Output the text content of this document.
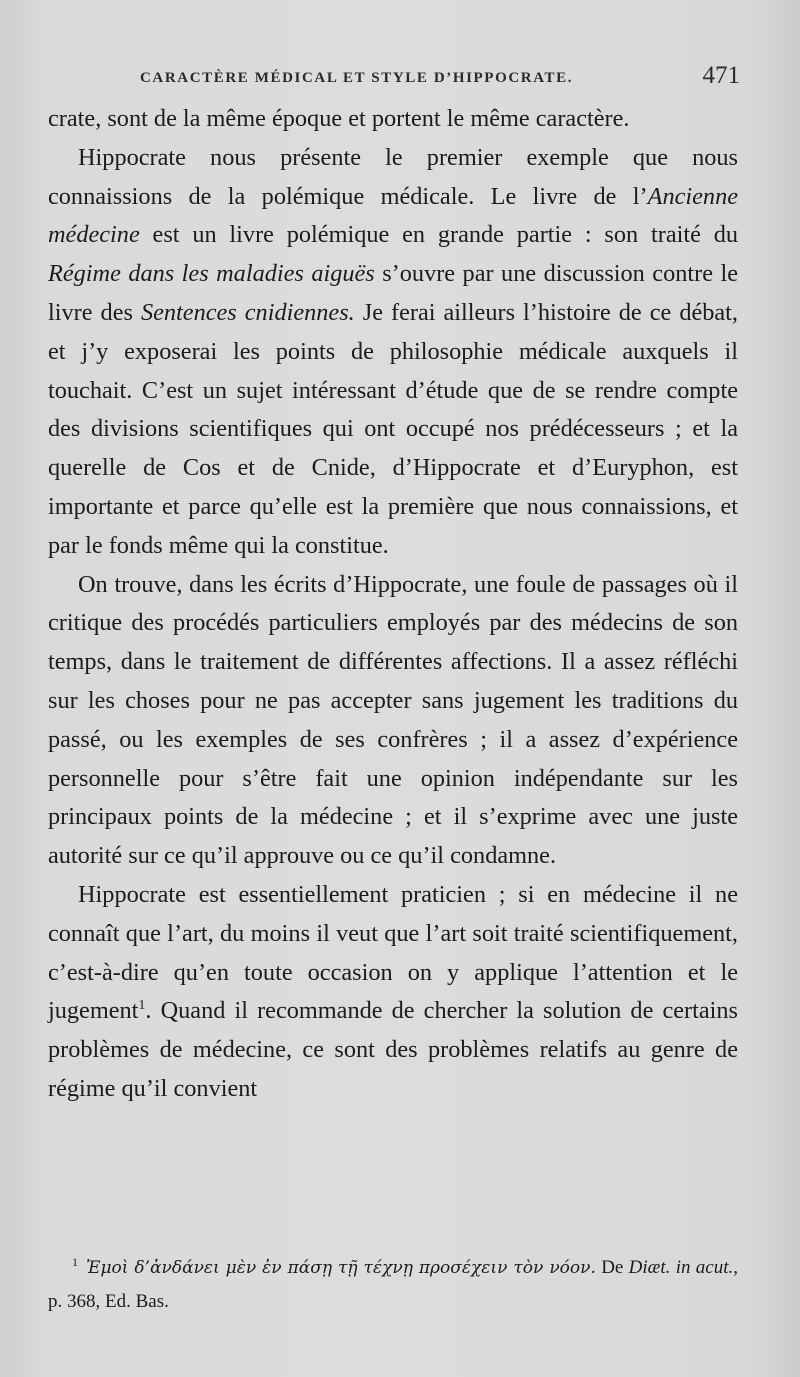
CARACTÈRE MÉDICAL ET STYLE D’HIPPOCRATE.	471

crate, sont de la même époque et portent le même caractère.

Hippocrate nous présente le premier exemple que nous connaissions de la polémique médicale. Le livre de l’Ancienne médecine est un livre polémique en grande partie : son traité du Régime dans les maladies aiguës s’ouvre par une discussion contre le livre des Sentences cnidiennes. Je ferai ailleurs l’histoire de ce débat, et j’y exposerai les points de philosophie médicale auxquels il touchait. C’est un sujet intéressant d’étude que de se rendre compte des divisions scientifiques qui ont occupé nos prédécesseurs ; et la querelle de Cos et de Cnide, d’Hippocrate et d’Euryphon, est importante et parce qu’elle est la première que nous connaissions, et par le fonds même qui la constitue.

On trouve, dans les écrits d’Hippocrate, une foule de passages où il critique des procédés particuliers employés par des médecins de son temps, dans le traitement de différentes affections. Il a assez réfléchi sur les choses pour ne pas accepter sans jugement les traditions du passé, ou les exemples de ses confrères ; il a assez d’expérience personnelle pour s’être fait une opinion indépendante sur les principaux points de la médecine ; et il s’exprime avec une juste autorité sur ce qu’il approuve ou ce qu’il condamne.

Hippocrate est essentiellement praticien ; si en médecine il ne connaît que l’art, du moins il veut que l’art soit traité scientifiquement, c’est-à-dire qu’en toute occasion on y applique l’attention et le jugement$^1$. Quand il recommande de chercher la solution de certains problèmes de médecine, ce sont des problèmes relatifs au genre de régime qu’il convient

$^1$ Ἐμοὶ δ’ἀνδάνει μὲν ἐν πάσῃ τῇ τέχνῃ προσέχειν τὸν νόον. De Diæt. in acut., p. 368, Ed. Bas.
